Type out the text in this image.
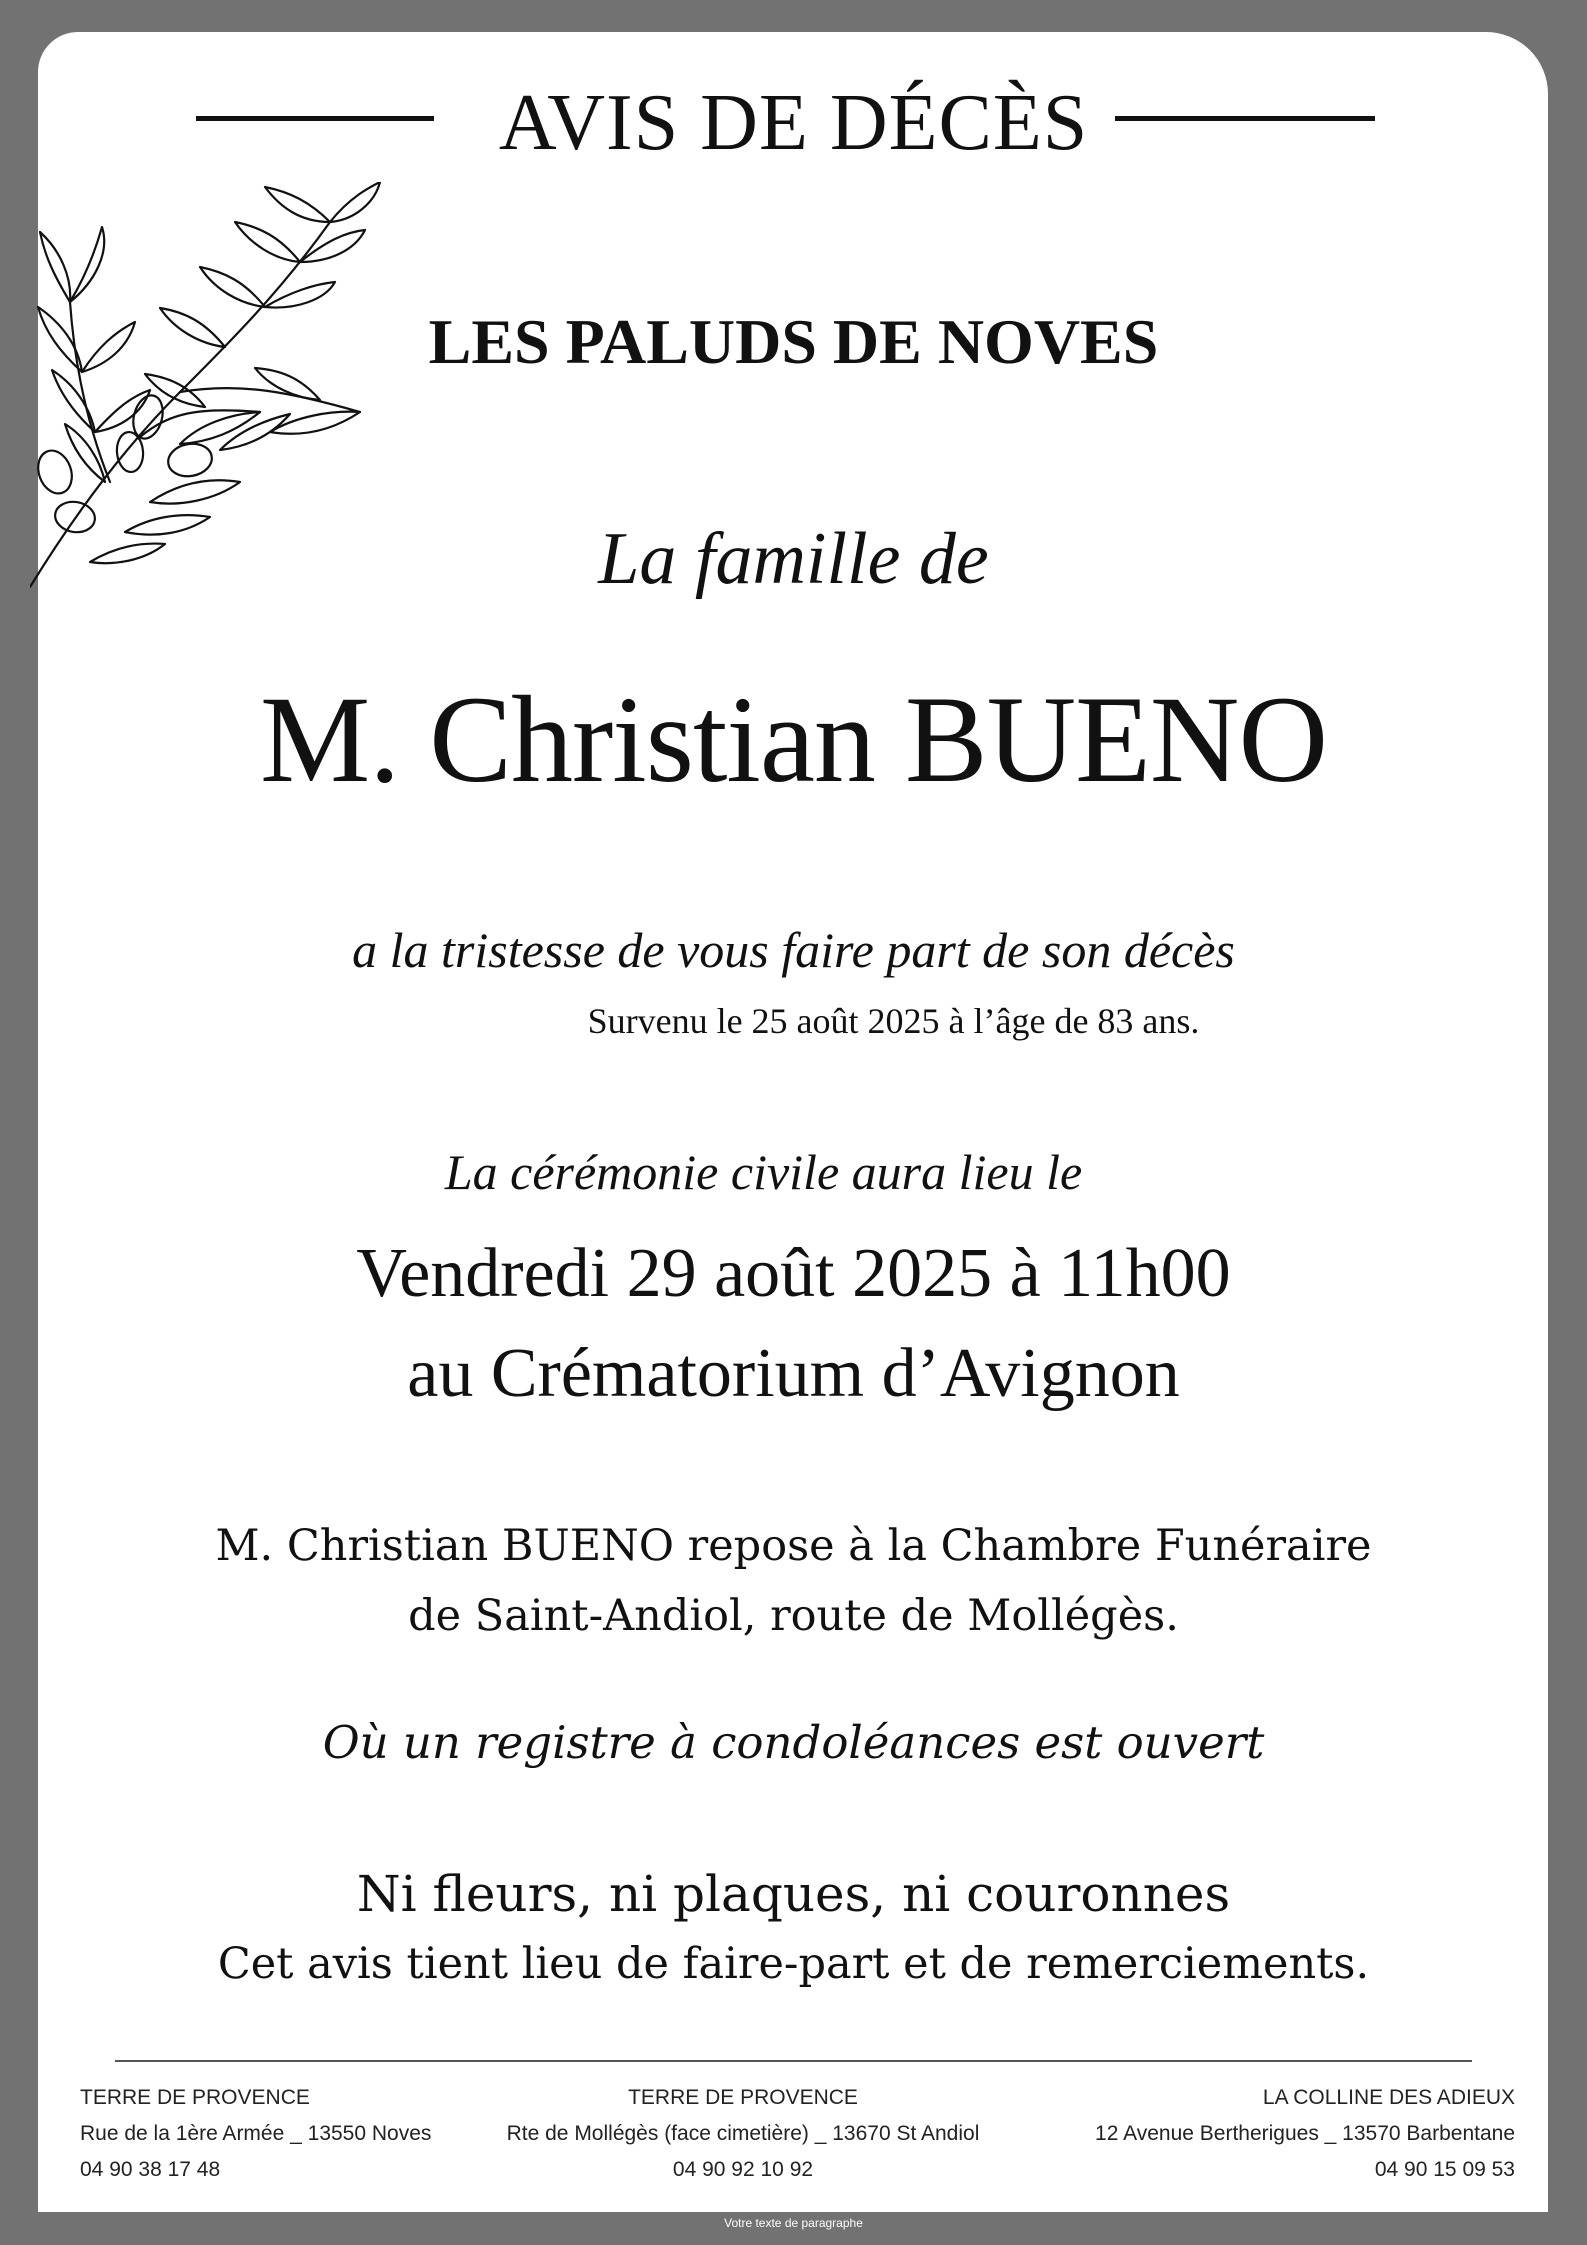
AVIS DE DÉCÈS
LES PALUDS DE NOVES
La famille de
M. Christian BUENO
a la tristesse de vous faire part de son décès
Survenu le 25 août 2025 à l’âge de 83 ans.
La cérémonie civile aura lieu le
Vendredi 29 août 2025 à 11h00
au Crématorium d’Avignon
M. Christian BUENO repose à la Chambre Funéraire
de Saint-Andiol, route de Mollégès.
Où un registre à condoléances est ouvert
Ni fleurs, ni plaques, ni couronnes
Cet avis tient lieu de faire-part et de remerciements.
TERRE DE PROVENCE
Rue de la 1ère Armée _ 13550 Noves
04 90 38 17 48
TERRE DE PROVENCE
Rte de Mollégès (face cimetière) _ 13670 St Andiol
04 90 92 10 92
LA COLLINE DES ADIEUX
12 Avenue Bertherigues _ 13570 Barbentane
04 90 15 09 53
Votre texte de paragraphe
